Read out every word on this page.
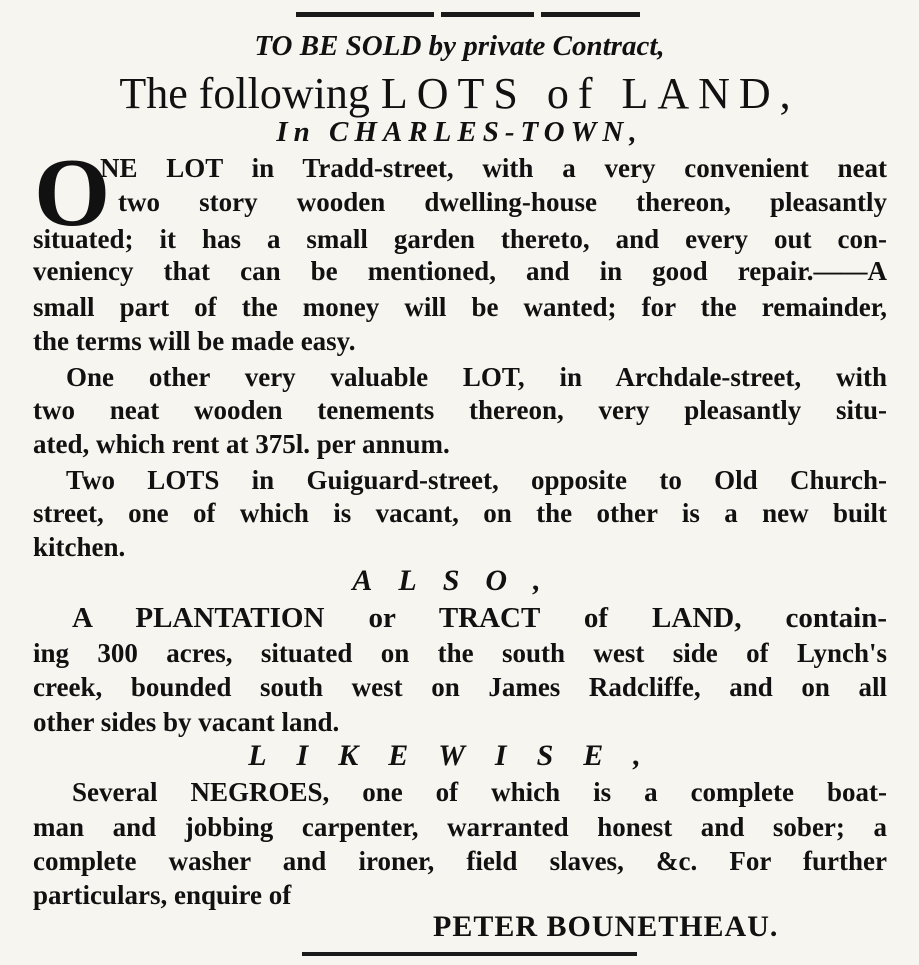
TO BE SOLD by private Contract,
The following LOTS of LAND,
In CHARLES-TOWN,
O
NE LOT in Tradd-street, with a very convenient neat
two story wooden dwelling-house thereon, pleasantly
situated; it has a small garden thereto, and every out con-
veniency that can be mentioned, and in good repair.——A
small part of the money will be wanted; for the remainder,
the terms will be made easy.
One other very valuable LOT, in Archdale-street, with
two neat wooden tenements thereon, very pleasantly situ-
ated, which rent at 375l. per annum.
Two LOTS in Guiguard-street, opposite to Old Church-
street, one of which is vacant, on the other is a new built
kitchen.
ALSO,
A PLANTATION or TRACT of LAND, contain-
ing 300 acres, situated on the south west side of Lynch's
creek, bounded south west on James Radcliffe, and on all
other sides by vacant land.
LIKEWISE,
Several NEGROES, one of which is a complete boat-
man and jobbing carpenter, warranted honest and sober; a
complete washer and ironer, field slaves, &c. For further
particulars, enquire of
PETER BOUNETHEAU.
